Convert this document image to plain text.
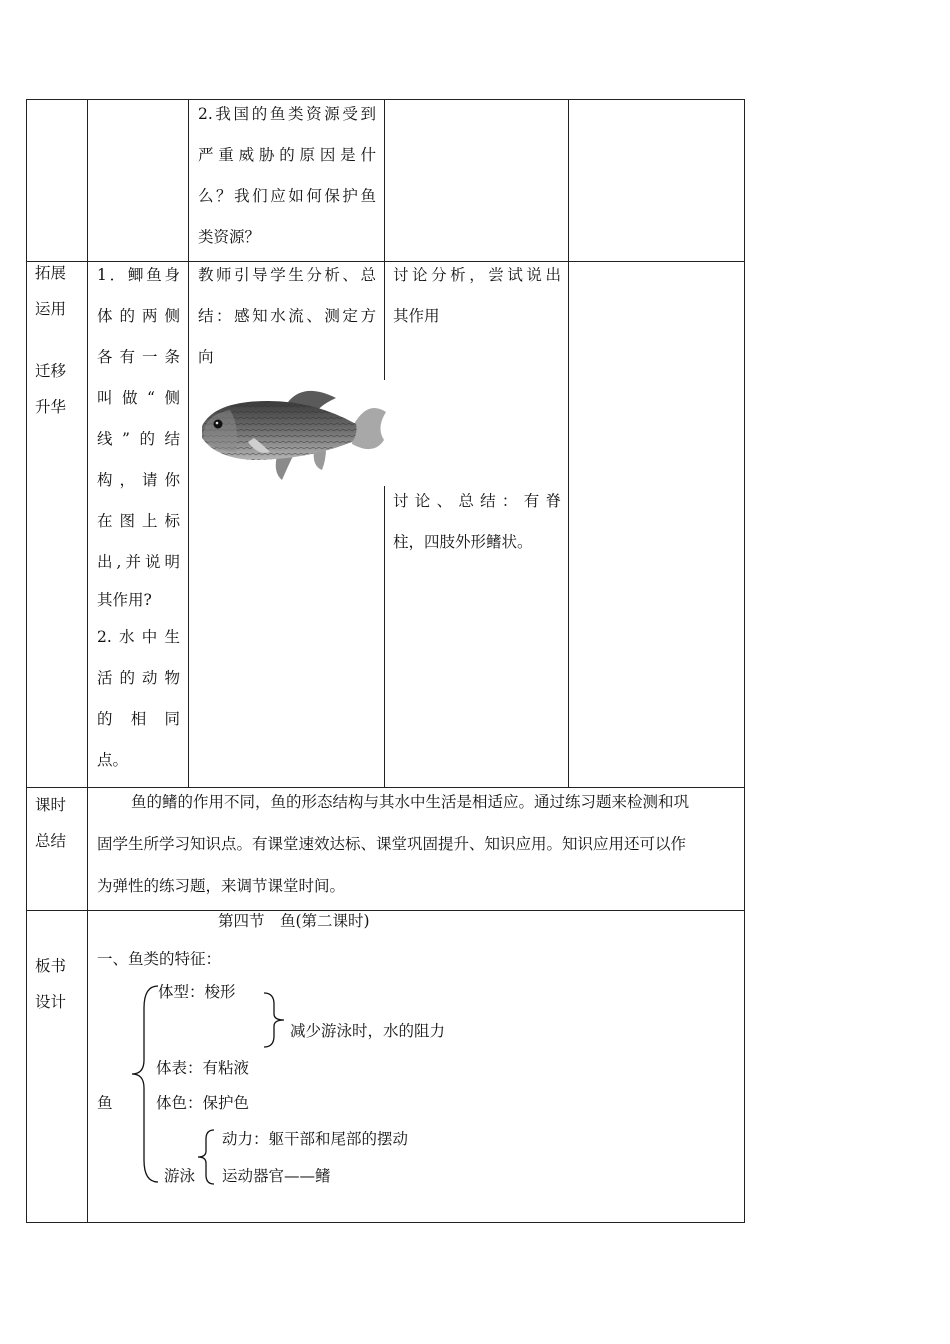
2.我国的鱼类资源受到
严重威胁的原因是什
么？我们应如何保护鱼
类资源？
拓展
运用
迁移
升华
1．鲫鱼身
体的两侧
各有一条
叫做“侧
线”的结
构，请你
在图上标
出,并说明
其作用?
2.水中生
活的动物
的 相 同
点。
教师引导学生分析、总
结：感知水流、测定方
向
讨论分析，尝试说出
其作用
讨论、总结：有脊
柱，四肢外形鳍状。
课时
总结
鱼的鳍的作用不同，鱼的形态结构与其水中生活是相适应。通过练习题来检测和巩
固学生所学习知识点。有课堂速效达标、课堂巩固提升、知识应用。知识应用还可以作
为弹性的练习题，来调节课堂时间。
板书
设计
第四节　鱼(第二课时)
一、鱼类的特征：
体型：梭形
减少游泳时，水的阻力
体表：有粘液
鱼	体色：保护色
动力：躯干部和尾部的摆动
游泳 运动器官——鳍
